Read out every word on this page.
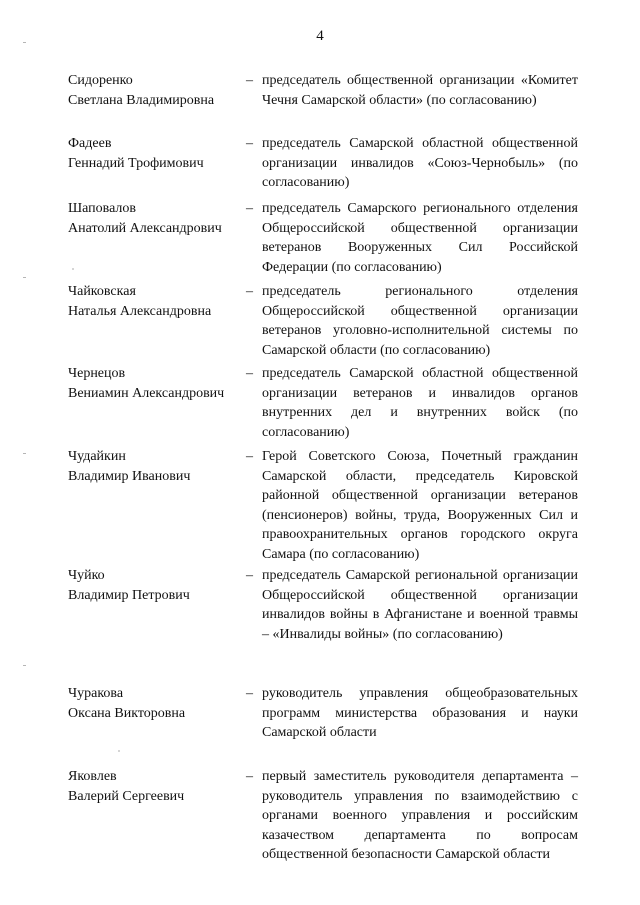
4
Сидоренко
Светлана Владимировна
– председатель общественной организации «Комитет Чечня Самарской области» (по согласованию)
Фадеев
Геннадий Трофимович
– председатель Самарской областной общественной организации инвалидов «Союз-Чернобыль» (по согласованию)
Шаповалов
Анатолий Александрович
– председатель Самарского регионального отделения Общероссийской общественной организации ветеранов Вооруженных Сил Российской Федерации (по согласованию)
Чайковская
Наталья Александровна
– председатель регионального отделения Общероссийской общественной организации ветеранов уголовно-исполнительной системы по Самарской области (по согласованию)
Чернецов
Вениамин Александрович
– председатель Самарской областной общественной организации ветеранов и инвалидов органов внутренних дел и внутренних войск (по согласованию)
Чудайкин
Владимир Иванович
– Герой Советского Союза, Почетный гражданин Самарской области, председатель Кировской районной общественной организации ветеранов (пенсионеров) войны, труда, Вооруженных Сил и правоохранительных органов городского округа Самара (по согласованию)
Чуйко
Владимир Петрович
– председатель Самарской региональной организации Общероссийской общественной организации инвалидов войны в Афганистане и военной травмы – «Инвалиды войны» (по согласованию)
Чуракова
Оксана Викторовна
– руководитель управления общеобразовательных программ министерства образования и науки Самарской области
Яковлев
Валерий Сергеевич
– первый заместитель руководителя департамента – руководитель управления по взаимодействию с органами военного управления и российским казачеством департамента по вопросам общественной безопасности Самарской области
